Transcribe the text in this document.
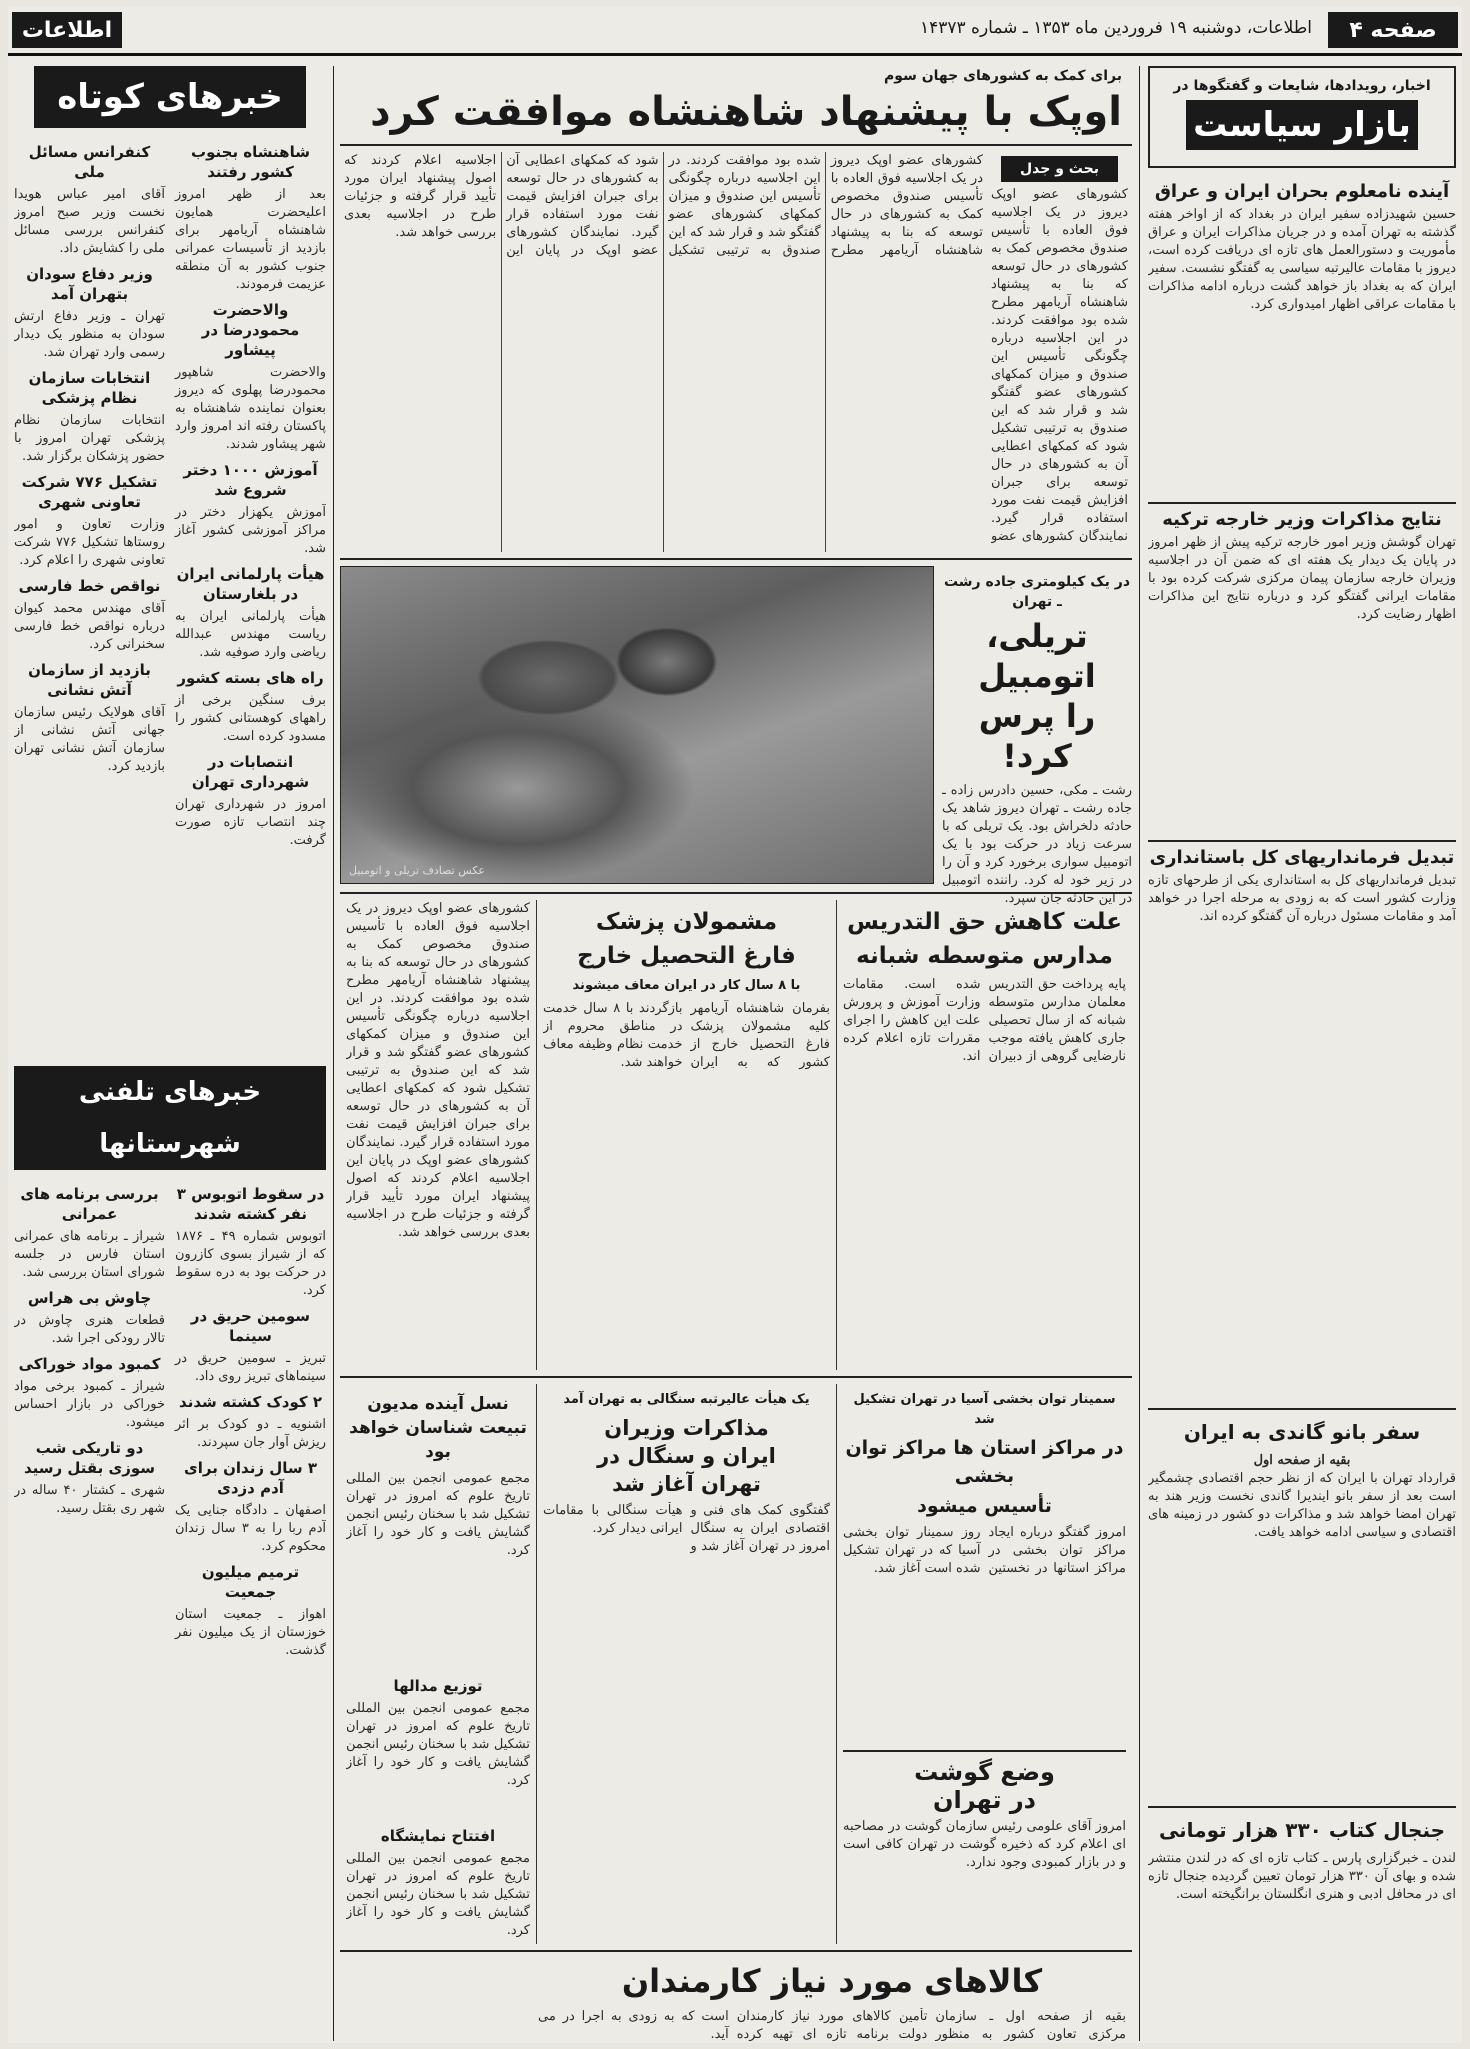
صفحه ۴
اطلاعات، دوشنبه ۱۹ فروردین ماه ۱۳۵۳ ـ شماره ۱۴۳۷۳
اطلاعات
اخبار، رویدادها، شایعات و گفتگوها در
بازار سیاست
آینده نامعلوم بحران ایران و عراق
حسین شهیدزاده سفیر ایران در بغداد که از اواخر هفته گذشته به تهران آمده و در جریان مذاکرات ایران و عراق مأموریت و دستورالعمل های تازه ای دریافت کرده است، دیروز با مقامات عالیرتبه سیاسی به گفتگو نشست. سفیر ایران که به بغداد باز خواهد گشت درباره ادامه مذاکرات با مقامات عراقی اظهار امیدواری کرد.
نتایج مذاکرات وزیر خارجه ترکیه
تهران گوشش وزیر امور خارجه ترکیه پیش از ظهر امروز در پایان یک دیدار یک هفته ای که ضمن آن در اجلاسیه وزیران خارجه سازمان پیمان مرکزی شرکت کرده بود با مقامات ایرانی گفتگو کرد و درباره نتایج این مذاکرات اظهار رضایت کرد.
تبدیل فرمانداریهای کل باستانداری
تبدیل فرمانداریهای کل به استانداری یکی از طرحهای تازه وزارت کشور است که به زودی به مرحله اجرا در خواهد آمد و مقامات مسئول درباره آن گفتگو کرده اند.
سفر بانو گاندی به ایران
بقیه از صفحه اول
قرارداد تهران با ایران که از نظر حجم اقتصادی چشمگیر است بعد از سفر بانو ایندیرا گاندی نخست وزیر هند به تهران امضا خواهد شد و مذاکرات دو کشور در زمینه های اقتصادی و سیاسی ادامه خواهد یافت.
جنجال کتاب ۳۳۰ هزار تومانی
لندن ـ خبرگزاری پارس ـ کتاب تازه ای که در لندن منتشر شده و بهای آن ۳۳۰ هزار تومان تعیین گردیده جنجال تازه ای در محافل ادبی و هنری انگلستان برانگیخته است.
خبرهای کوتاه
شاهنشاه بجنوب کشور رفتند
بعد از ظهر امروز اعلیحضرت همایون شاهنشاه آریامهر برای بازدید از تأسیسات عمرانی جنوب کشور به آن منطقه عزیمت فرمودند.
والاحضرت محمودرضا در پیشاور
والاحضرت شاهپور محمودرضا پهلوی که دیروز بعنوان نماینده شاهنشاه به پاکستان رفته اند امروز وارد شهر پیشاور شدند.
آموزش ۱۰۰۰ دختر شروع شد
آموزش یکهزار دختر در مراکز آموزشی کشور آغاز شد.
هیأت پارلمانی ایران در بلغارستان
هیأت پارلمانی ایران به ریاست مهندس عبدالله ریاضی وارد صوفیه شد.
راه های بسته کشور
برف سنگین برخی از راههای کوهستانی کشور را مسدود کرده است.
انتصابات در شهرداری تهران
امروز در شهرداری تهران چند انتصاب تازه صورت گرفت.
کنفرانس مسائل ملی
آقای امیر عباس هویدا نخست وزیر صبح امروز کنفرانس بررسی مسائل ملی را کشایش داد.
وزیر دفاع سودان بتهران آمد
تهران ـ وزیر دفاع ارتش سودان به منظور یک دیدار رسمی وارد تهران شد.
انتخابات سازمان نظام پزشکی
انتخابات سازمان نظام پزشکی تهران امروز با حضور پزشکان برگزار شد.
تشکیل ۷۷۶ شرکت تعاونی شهری
وزارت تعاون و امور روستاها تشکیل ۷۷۶ شرکت تعاونی شهری را اعلام کرد.
نواقص خط فارسی
آقای مهندس محمد کیوان درباره نواقص خط فارسی سخنرانی کرد.
بازدید از سازمان آتش نشانی
آقای هولایک رئیس سازمان جهانی آتش نشانی از سازمان آتش نشانی تهران بازدید کرد.
خبرهای تلفنی شهرستانها
در سقوط اتوبوس ۳ نفر کشته شدند
اتوبوس شماره ۴۹ ـ ۱۸۷۶ که از شیراز بسوی کازرون در حرکت بود به دره سقوط کرد.
سومین حریق در سینما
تبریز ـ سومین حریق در سینماهای تبریز روی داد.
۲ کودک کشته شدند
اشنویه ـ دو کودک بر اثر ریزش آوار جان سپردند.
۳ سال زندان برای آدم دزدی
اصفهان ـ دادگاه جنایی یک آدم ربا را به ۳ سال زندان محکوم کرد.
ترمیم میلیون جمعیت
اهواز ـ جمعیت استان خوزستان از یک میلیون نفر گذشت.
بررسی برنامه های عمرانی
شیراز ـ برنامه های عمرانی استان فارس در جلسه شورای استان بررسی شد.
چاوش بی هراس
قطعات هنری چاوش در تالار رودکی اجرا شد.
کمبود مواد خوراکی
شیراز ـ کمبود برخی مواد خوراکی در بازار احساس میشود.
دو تاریکی شب سوزی بقتل رسید
شهری ـ کشتار ۴۰ ساله در شهر ری بقتل رسید.
برای کمک به کشورهای جهان سوم
اوپک با پیشنهاد شاهنشاه موافقت کرد
بحث و جدل
کشورهای عضو اوپک دیروز در یک اجلاسیه فوق العاده با تأسیس صندوق مخصوص کمک به کشورهای در حال توسعه که بنا به پیشنهاد شاهنشاه آریامهر مطرح شده بود موافقت کردند. در این اجلاسیه درباره چگونگی تأسیس این صندوق و میزان کمکهای کشورهای عضو گفتگو شد و قرار شد که این صندوق به ترتیبی تشکیل شود که کمکهای اعطایی آن به کشورهای در حال توسعه برای جبران افزایش قیمت نفت مورد استفاده قرار گیرد. نمایندگان کشورهای عضو
کشورهای عضو اوپک دیروز در یک اجلاسیه فوق العاده با تأسیس صندوق مخصوص کمک به کشورهای در حال توسعه که بنا به پیشنهاد شاهنشاه آریامهر مطرح شده بود موافقت کردند. در این اجلاسیه درباره چگونگی تأسیس این صندوق و میزان کمکهای کشورهای عضو گفتگو شد و قرار شد که این صندوق به ترتیبی تشکیل شود که کمکهای اعطایی آن به کشورهای در حال توسعه برای جبران افزایش قیمت نفت مورد استفاده قرار گیرد. نمایندگان کشورهای عضو اوپک در پایان این اجلاسیه اعلام کردند که اصول پیشنهاد ایران مورد تأیید قرار گرفته و جزئیات طرح در اجلاسیه بعدی بررسی خواهد شد.
در یک کیلومتری جاده رشت ـ تهران
تریلی، اتومبیل
را پرس کرد!
رشت ـ مکی، حسین دادرس زاده ـ جاده رشت ـ تهران دیروز شاهد یک حادثه دلخراش بود. یک تریلی که با سرعت زیاد در حرکت بود با یک اتومبیل سواری برخورد کرد و آن را در زیر خود له کرد. راننده اتومبیل در این حادثه جان سپرد.
عکس تصادف تریلی و اتومبیل
علت کاهش حق التدریس
مدارس متوسطه شبانه
پایه پرداخت حق التدریس معلمان مدارس متوسطه شبانه که از سال تحصیلی جاری کاهش یافته موجب نارضایی گروهی از دبیران شده است. مقامات وزارت آموزش و پرورش علت این کاهش را اجرای مقررات تازه اعلام کرده اند.
مشمولان پزشک
فارغ التحصیل خارج
با ۸ سال کار در ایران معاف میشوند
بفرمان شاهنشاه آریامهر کلیه مشمولان پزشک فارغ التحصیل خارج از کشور که به ایران بازگردند با ۸ سال خدمت در مناطق محروم از خدمت نظام وظیفه معاف خواهند شد.
کشورهای عضو اوپک دیروز در یک اجلاسیه فوق العاده با تأسیس صندوق مخصوص کمک به کشورهای در حال توسعه که بنا به پیشنهاد شاهنشاه آریامهر مطرح شده بود موافقت کردند. در این اجلاسیه درباره چگونگی تأسیس این صندوق و میزان کمکهای کشورهای عضو گفتگو شد و قرار شد که این صندوق به ترتیبی تشکیل شود که کمکهای اعطایی آن به کشورهای در حال توسعه برای جبران افزایش قیمت نفت مورد استفاده قرار گیرد. نمایندگان کشورهای عضو اوپک در پایان این اجلاسیه اعلام کردند که اصول پیشنهاد ایران مورد تأیید قرار گرفته و جزئیات طرح در اجلاسیه بعدی بررسی خواهد شد.
سمینار توان بخشی آسیا در تهران تشکیل شد
در مراکز استان ها مراکز توان بخشی
تأسیس میشود
امروز گفتگو درباره ایجاد مراکز توان بخشی در مراکز استانها در نخستین روز سمینار توان بخشی آسیا که در تهران تشکیل شده است آغاز شد.
وضع گوشت
در تهران
امروز آقای علومی رئیس سازمان گوشت در مصاحبه ای اعلام کرد که ذخیره گوشت در تهران کافی است و در بازار کمبودی وجود ندارد.
یک هیأت عالیرتبه سنگالی به تهران آمد
مذاکرات وزیران
ایران و سنگال در
تهران آغاز شد
گفتگوی کمک های فنی و اقتصادی ایران به سنگال امروز در تهران آغاز شد و هیأت سنگالی با مقامات ایرانی دیدار کرد.
نسل آینده مدیون تبیعت شناسان خواهد بود
مجمع عمومی انجمن بین المللی تاریخ علوم که امروز در تهران تشکیل شد با سخنان رئیس انجمن گشایش یافت و کار خود را آغاز کرد.
توزیع مدالها
مجمع عمومی انجمن بین المللی تاریخ علوم که امروز در تهران تشکیل شد با سخنان رئیس انجمن گشایش یافت و کار خود را آغاز کرد.
افتتاح نمایشگاه
مجمع عمومی انجمن بین المللی تاریخ علوم که امروز در تهران تشکیل شد با سخنان رئیس انجمن گشایش یافت و کار خود را آغاز کرد.
کالاهای مورد نیاز کارمندان
بقیه از صفحه اول ـ سازمان مرکزی تعاون کشور به منظور تأمین کالاهای مورد نیاز کارمندان دولت برنامه تازه ای تهیه کرده است که به زودی به اجرا در می آید.
